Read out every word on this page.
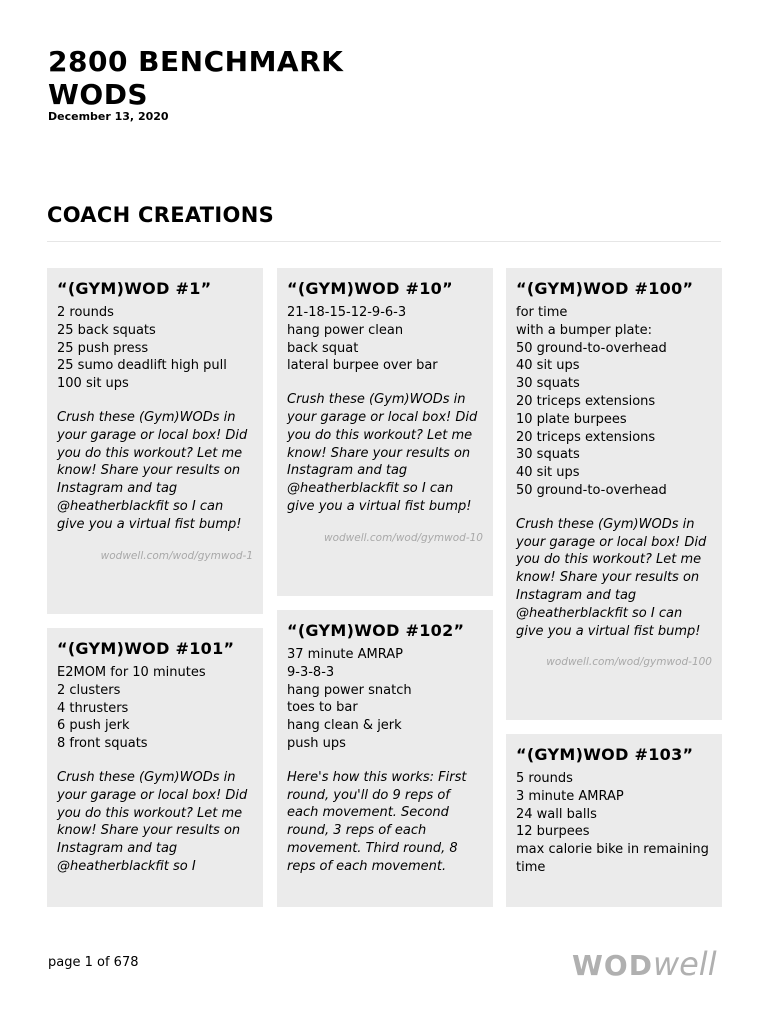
2800 BENCHMARK WODS
December 13, 2020
COACH CREATIONS
“(GYM)WOD #1”
2 rounds
25 back squats
25 push press
25 sumo deadlift high pull
100 sit ups

Crush these (Gym)WODs in your garage or local box! Did you do this workout? Let me know! Share your results on Instagram and tag @heatherblackfit so I can give you a virtual fist bump!

wodwell.com/wod/gymwod-1
“(GYM)WOD #101”
E2MOM for 10 minutes
2 clusters
4 thrusters
6 push jerk
8 front squats

Crush these (Gym)WODs in your garage or local box! Did you do this workout? Let me know! Share your results on Instagram and tag @heatherblackfit so I

“(GYM)WOD #10”
21-18-15-12-9-6-3
hang power clean
back squat
lateral burpee over bar

Crush these (Gym)WODs in your garage or local box! Did you do this workout? Let me know! Share your results on Instagram and tag @heatherblackfit so I can give you a virtual fist bump!

wodwell.com/wod/gymwod-10
“(GYM)WOD #102”
37 minute AMRAP
9-3-8-3
hang power snatch
toes to bar
hang clean & jerk
push ups

Here's how this works: First round, you'll do 9 reps of each movement. Second round, 3 reps of each movement. Third round, 8 reps of each movement.

“(GYM)WOD #100”
for time
with a bumper plate:
50 ground-to-overhead
40 sit ups
30 squats
20 triceps extensions
10 plate burpees
20 triceps extensions
30 squats
40 sit ups
50 ground-to-overhead

Crush these (Gym)WODs in your garage or local box! Did you do this workout? Let me know! Share your results on Instagram and tag @heatherblackfit so I can give you a virtual fist bump!

wodwell.com/wod/gymwod-100
“(GYM)WOD #103”
5 rounds
3 minute AMRAP
24 wall balls
12 burpees
max calorie bike in remaining time
page 1 of 678	WODwell
